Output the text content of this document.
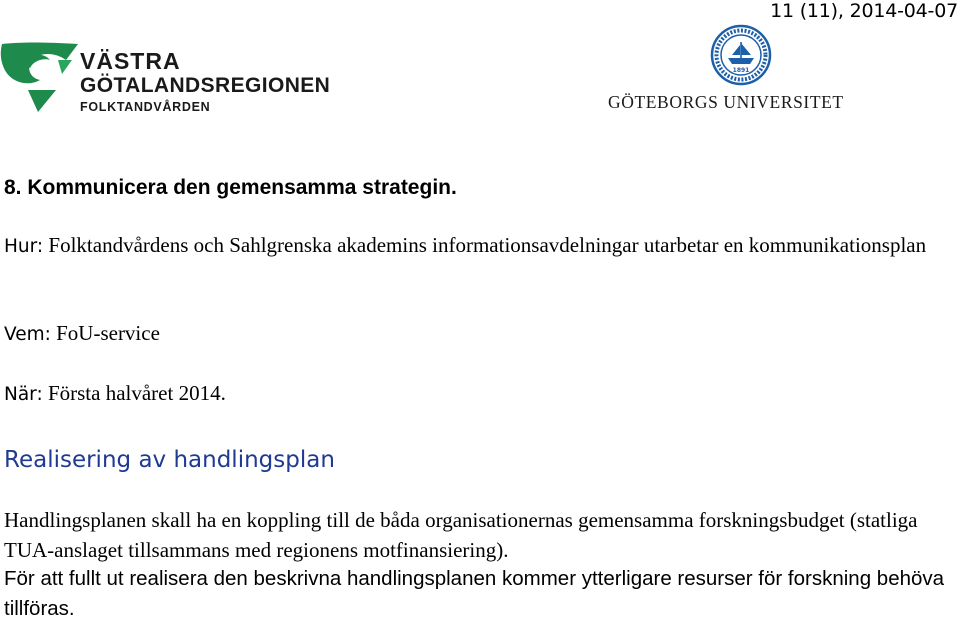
11 (11), 2014-04-07
VÄSTRA
GÖTALANDSREGIONEN
FOLKTANDVÅRDEN
1891
GÖTEBORGS UNIVERSITET
8. Kommunicera den gemensamma strategin.

Hur: Folktandvårdens och Sahlgrenska akademins informationsavdelningar utarbetar en kommunikationsplan

Vem: FoU-service

När: Första halvåret 2014.

Realisering av handlingsplan

Handlingsplanen skall ha en koppling till de båda organisationernas gemensamma forskningsbudget (statliga TUA-anslaget tillsammans med regionens motfinansiering).

För att fullt ut realisera den beskrivna handlingsplanen kommer ytterligare resurser för forskning behöva tillföras.
